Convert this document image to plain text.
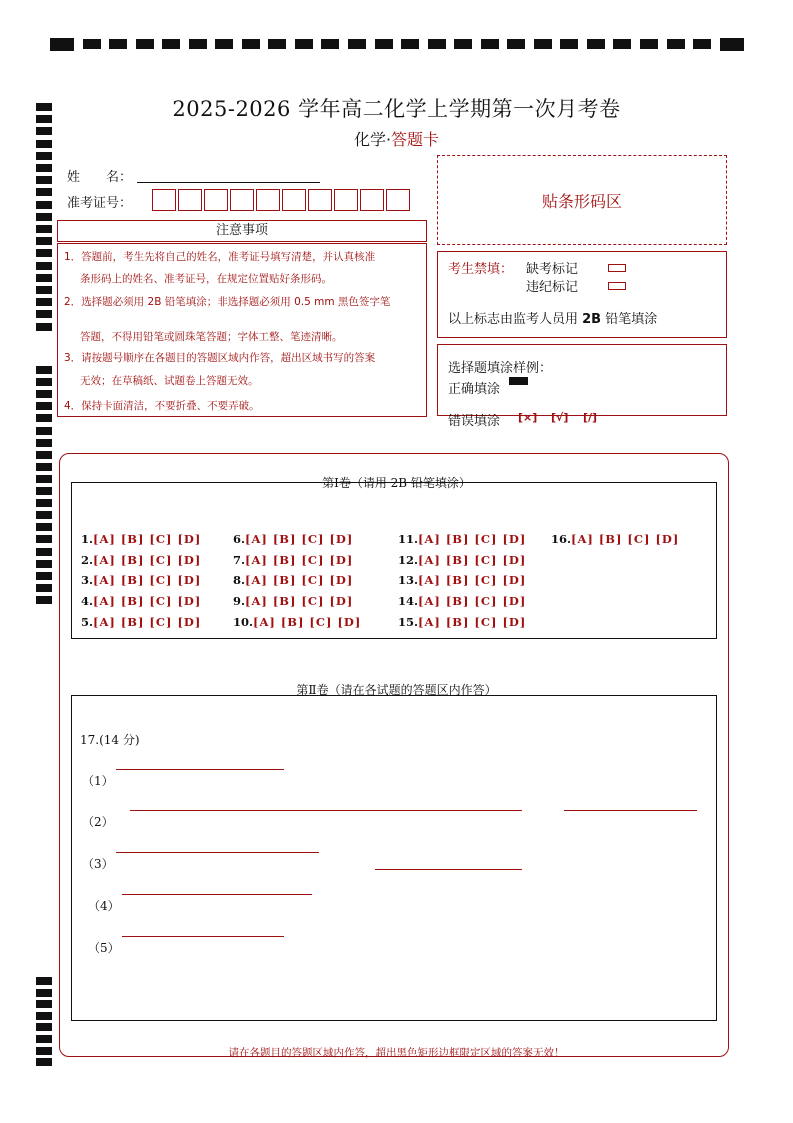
2025-2026 学年高二化学上学期第一次月考卷
化学·答题卡
姓　　名：
准考证号：	贴条形码区
注意事项
1．答题前，考生先将自己的姓名，准考证号填写清楚，并认真核准
条形码上的姓名、准考证号，在规定位置贴好条形码。
2．选择题必须用 2B 铅笔填涂；非选择题必须用 0.5 mm 黑色签字笔
答题，不得用铅笔或圆珠笔答题；字体工整、笔迹清晰。
3．请按题号顺序在各题目的答题区域内作答，超出区域书写的答案
无效；在草稿纸、试题卷上答题无效。
4．保持卡面清洁，不要折叠、不要弄破。
考生禁填： 缺考标记
违纪标记
以上标志由监考人员用 2B 铅笔填涂
选择题填涂样例：
正确填涂
错误填涂 [×] [√] [/]
第Ⅰ卷（请用 2B 铅笔填涂）
1.[A] [B] [C] [D]
2.[A] [B] [C] [D]
3.[A] [B] [C] [D]
4.[A] [B] [C] [D]
5.[A] [B] [C] [D]
6.[A] [B] [C] [D]
7.[A] [B] [C] [D]
8.[A] [B] [C] [D]
9.[A] [B] [C] [D]
10.[A] [B] [C] [D]
11.[A] [B] [C] [D]
12.[A] [B] [C] [D]
13.[A] [B] [C] [D]
14.[A] [B] [C] [D]
15.[A] [B] [C] [D]
16.[A] [B] [C] [D]
第Ⅱ卷（请在各试题的答题区内作答）
17.(14 分)
（1）
（2）
（3）
（4）
（5）
请在各题目的答题区域内作答，超出黑色矩形边框限定区域的答案无效！
